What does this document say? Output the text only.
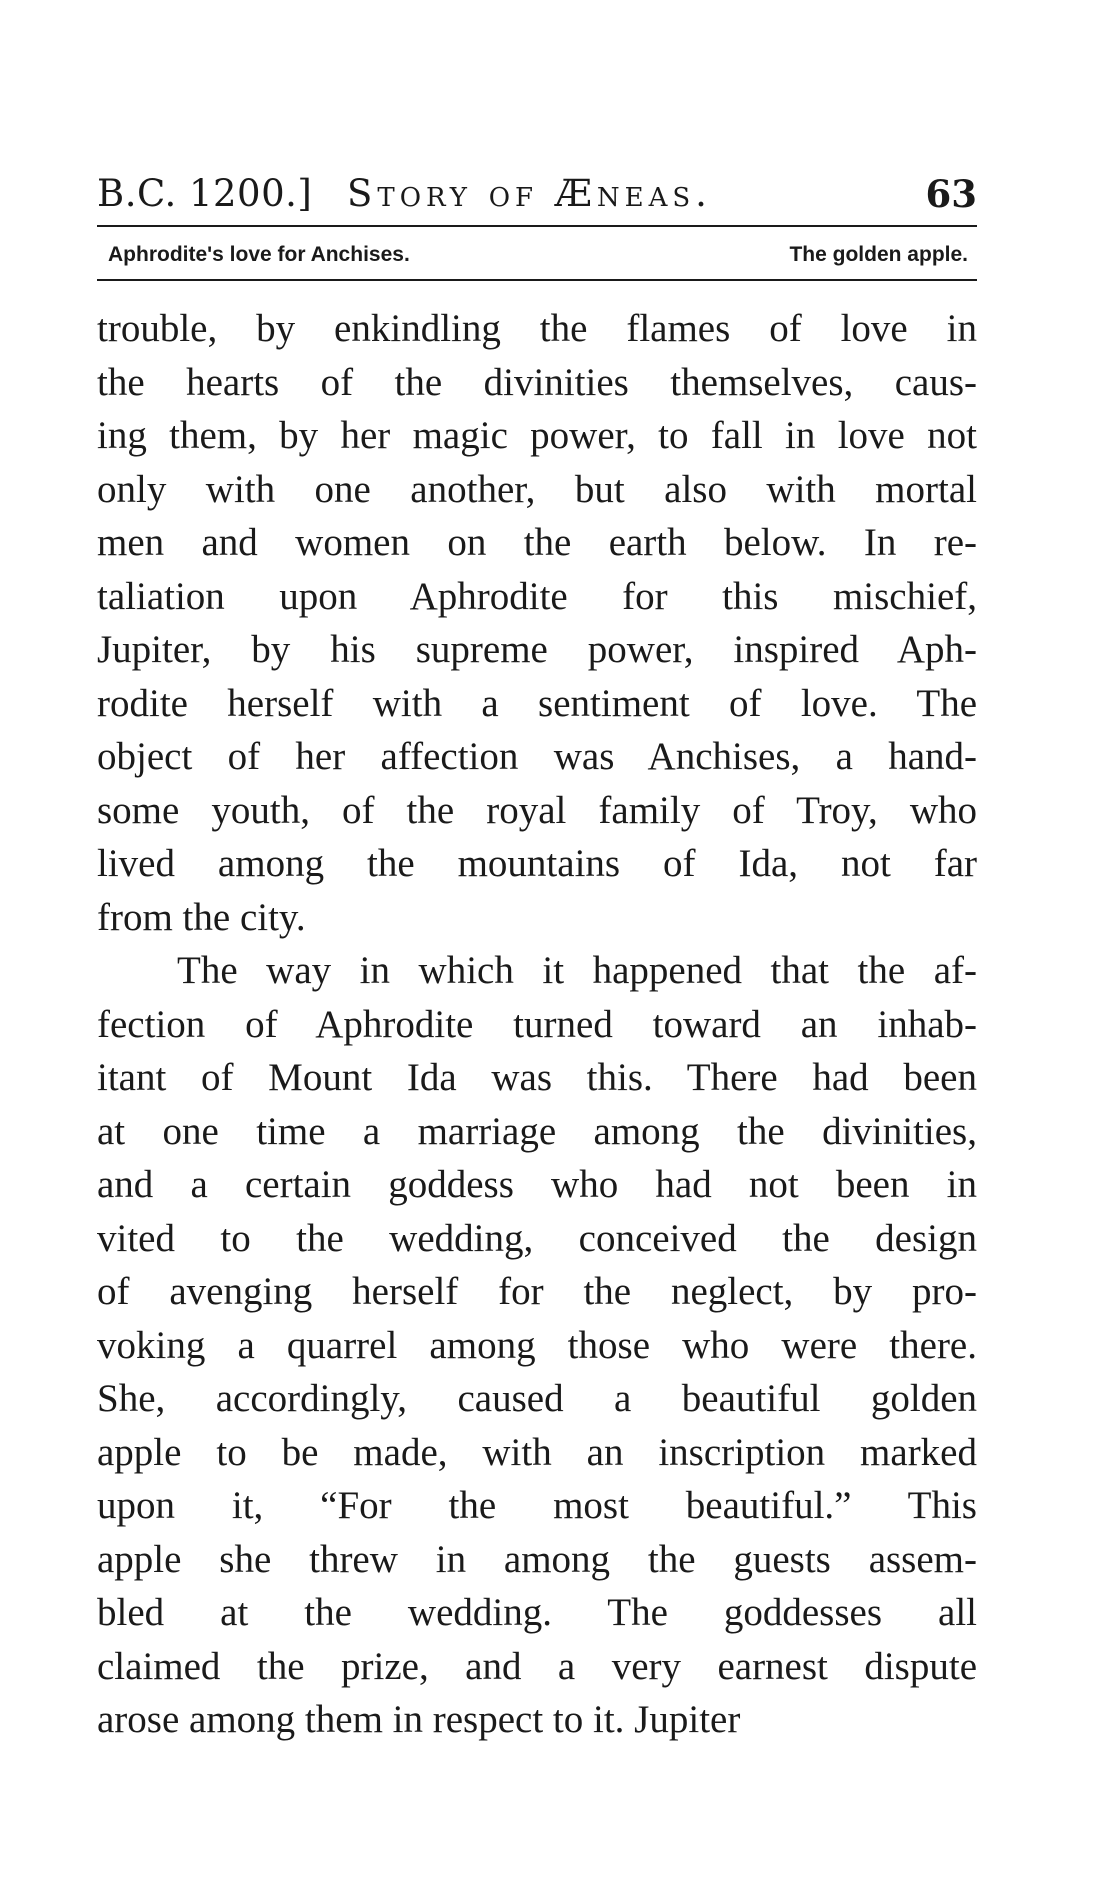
B.C. 1200.] Story of Æneas.	63
Aphrodite's love for Anchises.	The golden apple.
trouble, by enkindling the flames of love in
the hearts of the divinities themselves, caus-
ing them, by her magic power, to fall in love not
only with one another, but also with mortal
men and women on the earth below. In re-
taliation upon Aphrodite for this mischief,
Jupiter, by his supreme power, inspired Aph-
rodite herself with a sentiment of love. The
object of her affection was Anchises, a hand-
some youth, of the royal family of Troy, who
lived among the mountains of Ida, not far
from the city.
The way in which it happened that the af-
fection of Aphrodite turned toward an inhab-
itant of Mount Ida was this. There had been
at one time a marriage among the divinities,
and a certain goddess who had not been in
vited to the wedding, conceived the design
of avenging herself for the neglect, by pro-
voking a quarrel among those who were there.
She, accordingly, caused a beautiful golden
apple to be made, with an inscription marked
upon it, “For the most beautiful.” This
apple she threw in among the guests assem-
bled at the wedding. The goddesses all
claimed the prize, and a very earnest dispute
arose among them in respect to it. Jupiter
